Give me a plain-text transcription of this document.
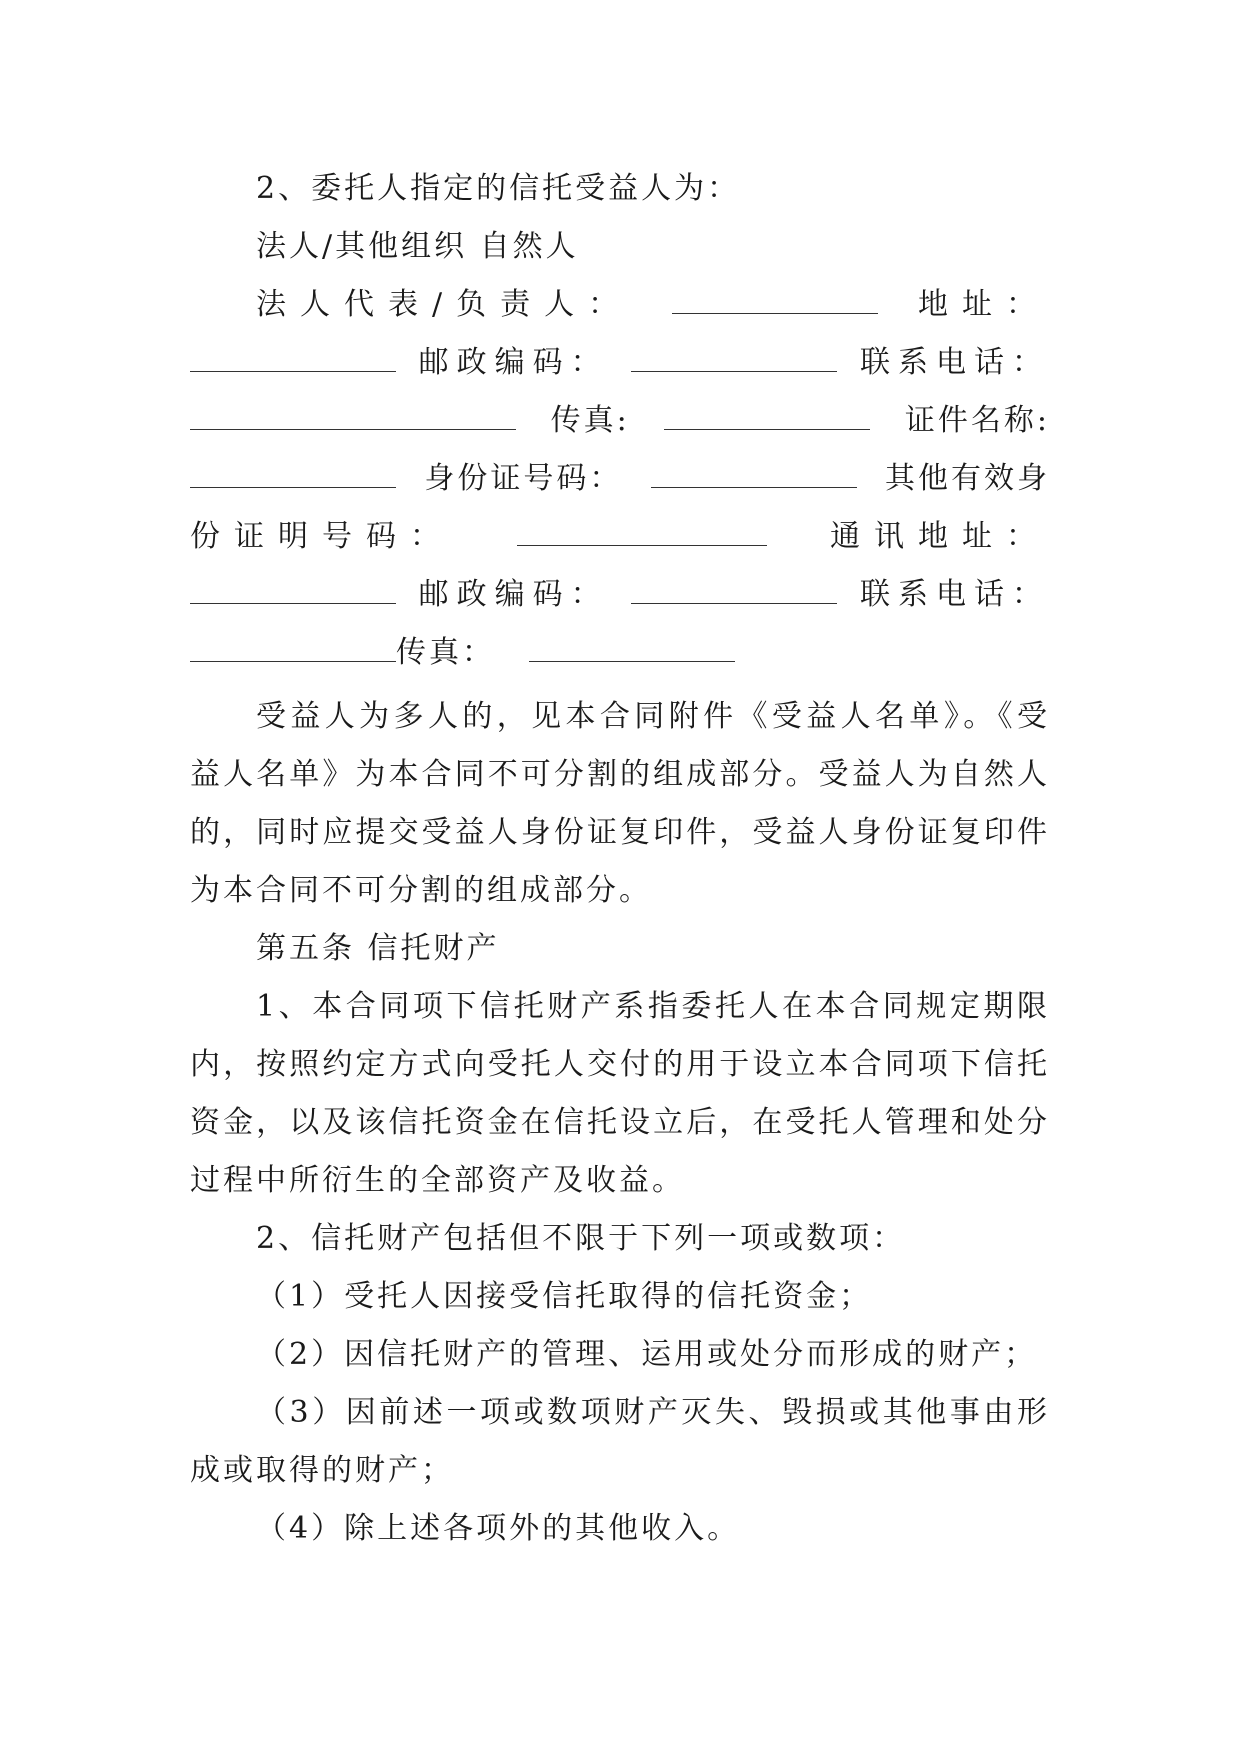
2、委托人指定的信托受益人为：
法人/其他组织 自然人
法人代表/负责人：	地址：
邮政编码：	联系电话：
传真:	证件名称:
身份证号码：	其他有效身
份证明号码：	通讯地址：
邮政编码：	联系电话：
传真：

受益人为多人的，见本合同附件《受益人名单》。《受益人名单》为本合同不可分割的组成部分。受益人为自然人的，同时应提交受益人身份证复印件，受益人身份证复印件为本合同不可分割的组成部分。

第五条 信托财产

1、本合同项下信托财产系指委托人在本合同规定期限内，按照约定方式向受托人交付的用于设立本合同项下信托资金，以及该信托资金在信托设立后，在受托人管理和处分过程中所衍生的全部资产及收益。

2、信托财产包括但不限于下列一项或数项：
（1）受托人因接受信托取得的信托资金；
（2）因信托财产的管理、运用或处分而形成的财产；

（3）因前述一项或数项财产灭失、毁损或其他事由形成或取得的财产；

（4）除上述各项外的其他收入。
